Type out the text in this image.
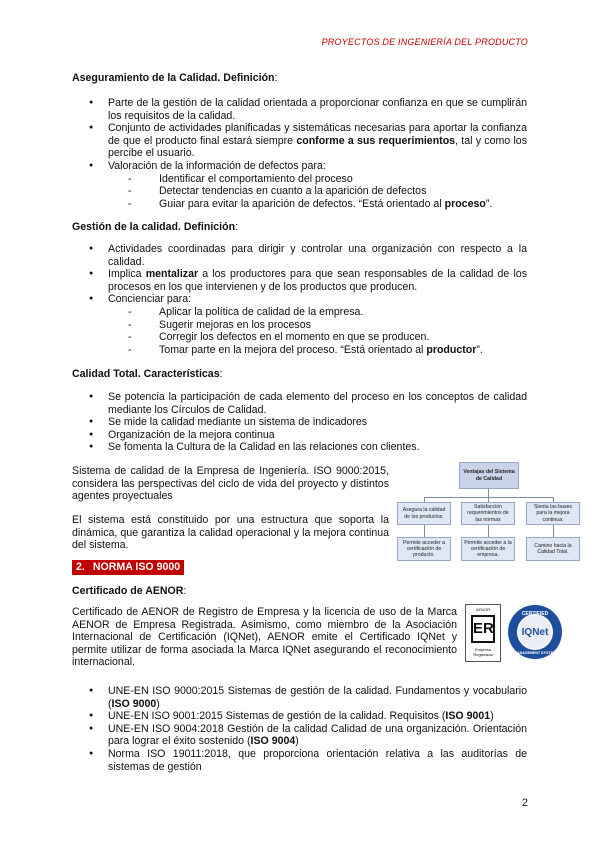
PROYECTOS DE INGENIERÍA DEL PRODUCTO
Aseguramiento de la Calidad. Definición:
● Parte de la gestión de la calidad orientada a proporcionar confianza en que se cumplirán los requisitos de la calidad.
● Conjunto de actividades planificadas y sistemáticas necesarias para aportar la confianza de que el producto final estará siempre conforme a sus requerimientos, tal y como los percibe el usuario.
● Valoración de la información de defectos para:
- Identificar el comportamiento del proceso
- Detectar tendencias en cuanto a la aparición de defectos
- Guiar para evitar la aparición de defectos. “Está orientado al proceso”.
Gestión de la calidad. Definición:
● Actividades coordinadas para dirigir y controlar una organización con respecto a la calidad.
● Implica mentalizar a los productores para que sean responsables de la calidad de los procesos en los que intervienen y de los productos que producen.
● Concienciar para:
- Aplicar la política de calidad de la empresa.
- Sugerir mejoras en los procesos
- Corregir los defectos en el momento en que se producen.
- Tomar parte en la mejora del proceso. “Está orientado al productor”.
Calidad Total. Características:
● Se potencia la participación de cada elemento del proceso en los conceptos de calidad mediante los Círculos de Calidad.
● Se mide la calidad mediante un sistema de indicadores
● Organización de la mejora continua
● Se fomenta la Cultura de la Calidad en las relaciones con clientes.
Sistema de calidad de la Empresa de Ingeniería. ISO 9000:2015, considera las perspectivas del ciclo de vida del proyecto y distintos agentes proyectuales
El sistema está constituido por una estructura que soporta la dinámica, que garantiza la calidad operacional y la mejora continua del sistema.
Ventajas del Sistema de Calidad
Asegura la calidad de los productos.
Satisfacción requerimientos de las normas
Sienta las bases para la mejora continua.
Permite acceder a certificación de producto.
Permite acceder a la certificación de empresa.
Camino hacia la Calidad Total.
2. NORMA ISO 9000
Certificado de AENOR:
Certificado de AENOR de Registro de Empresa y la licencia de uso de la Marca AENOR de Empresa Registrada. Asimismo, como miembro de la Asociación Internacional de Certificación (IQNet), AENOR emite el Certificado IQNet y permite utilizar de forma asociada la Marca IQNet asegurando el reconocimiento internacional.
AENOR
ER
Empresa Registrada
CERTIFIED
IQNet
MANAGEMENT SYSTEM
● UNE-EN ISO 9000:2015 Sistemas de gestión de la calidad. Fundamentos y vocabulario (ISO 9000)
● UNE-EN ISO 9001:2015 Sistemas de gestión de la calidad. Requisitos (ISO 9001)
● UNE-EN ISO 9004:2018 Gestión de la calidad Calidad de una organización. Orientación para lograr el éxito sostenido (ISO 9004)
● Norma ISO 19011:2018, que proporciona orientación relativa a las auditorías de sistemas de gestión
2
